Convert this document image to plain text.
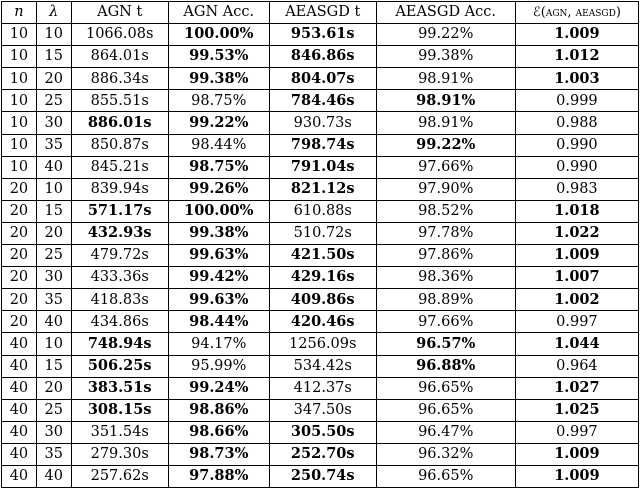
n	λ	AGN t	AGN Acc.	AEASGD t	AEASGD Acc.	ℰ(agn, aeasgd)
10	10	1066.08s	100.00%	953.61s	99.22%	1.009
10	15	864.01s	99.53%	846.86s	99.38%	1.012
10	20	886.34s	99.38%	804.07s	98.91%	1.003
10	25	855.51s	98.75%	784.46s	98.91%	0.999
10	30	886.01s	99.22%	930.73s	98.91%	0.988
10	35	850.87s	98.44%	798.74s	99.22%	0.990
10	40	845.21s	98.75%	791.04s	97.66%	0.990
20	10	839.94s	99.26%	821.12s	97.90%	0.983
20	15	571.17s	100.00%	610.88s	98.52%	1.018
20	20	432.93s	99.38%	510.72s	97.78%	1.022
20	25	479.72s	99.63%	421.50s	97.86%	1.009
20	30	433.36s	99.42%	429.16s	98.36%	1.007
20	35	418.83s	99.63%	409.86s	98.89%	1.002
20	40	434.86s	98.44%	420.46s	97.66%	0.997
40	10	748.94s	94.17%	1256.09s	96.57%	1.044
40	15	506.25s	95.99%	534.42s	96.88%	0.964
40	20	383.51s	99.24%	412.37s	96.65%	1.027
40	25	308.15s	98.86%	347.50s	96.65%	1.025
40	30	351.54s	98.66%	305.50s	96.47%	0.997
40	35	279.30s	98.73%	252.70s	96.32%	1.009
40	40	257.62s	97.88%	250.74s	96.65%	1.009
